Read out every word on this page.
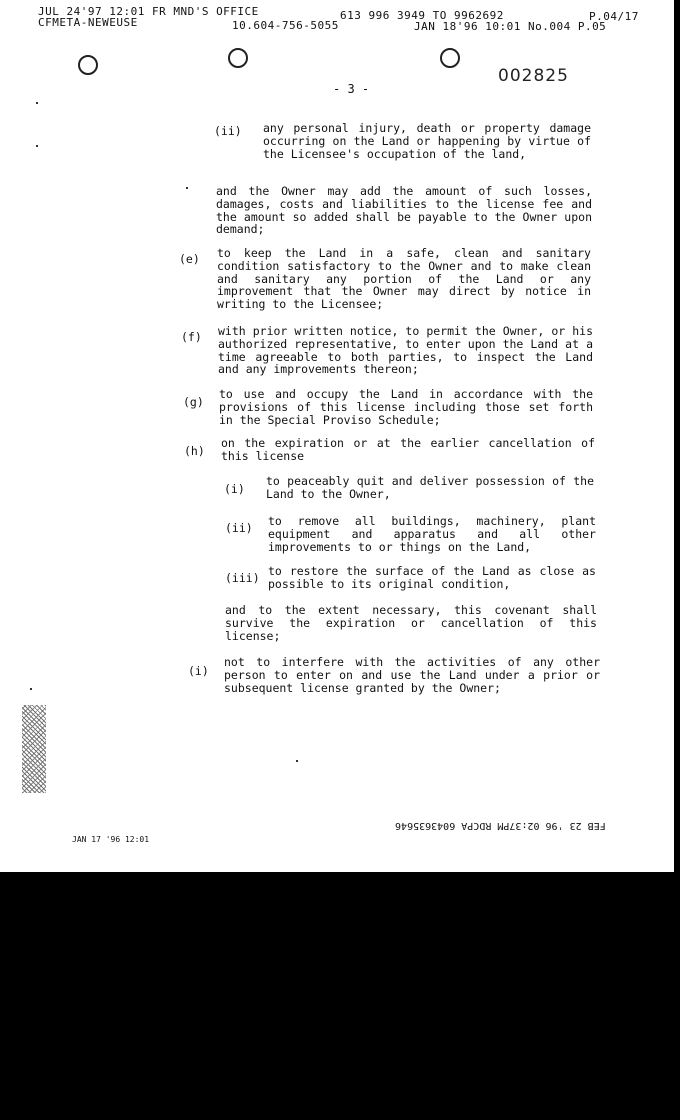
JUL 24'97 12:01 FR MND'S OFFICE
CFMETA-NEWEUSE
613 996 3949 TO 9962692
10.604-756-5055	JAN 18'96 10:01 No.004 P.05
P.04/17
002825
- 3 -
(ii) any personal injury, death or property damage occurring on the Land or happening by virtue of the Licensee's occupation of the land,
and the Owner may add the amount of such losses, damages, costs and liabilities to the license fee and the amount so added shall be payable to the Owner upon demand;
(e) to keep the Land in a safe, clean and sanitary condition satisfactory to the Owner and to make clean and sanitary any portion of the Land or any improvement that the Owner may direct by notice in writing to the Licensee;
(f) with prior written notice, to permit the Owner, or his authorized representative, to enter upon the Land at a time agreeable to both parties, to inspect the Land and any improvements thereon;
(g)
to use and occupy the Land in accordance with the provisions of this license including those set forth in the Special Proviso Schedule;
(h)
on the expiration or at the earlier cancellation of this license
(i)
to peaceably quit and deliver possession of the Land to the Owner,
(ii) to remove all buildings, machinery, plant equipment and apparatus and all other improvements to or things on the Land,
(iii) to restore the surface of the Land as close as possible to its original condition,
and to the extent necessary, this covenant shall survive the expiration or cancellation of this license;
(i)
not to interfere with the activities of any other person to enter on and use the Land under a prior or subsequent license granted by the Owner;
JAN 17 '96 12:01
FEB 23 '96 02:37PM RDCPA 6043635646
